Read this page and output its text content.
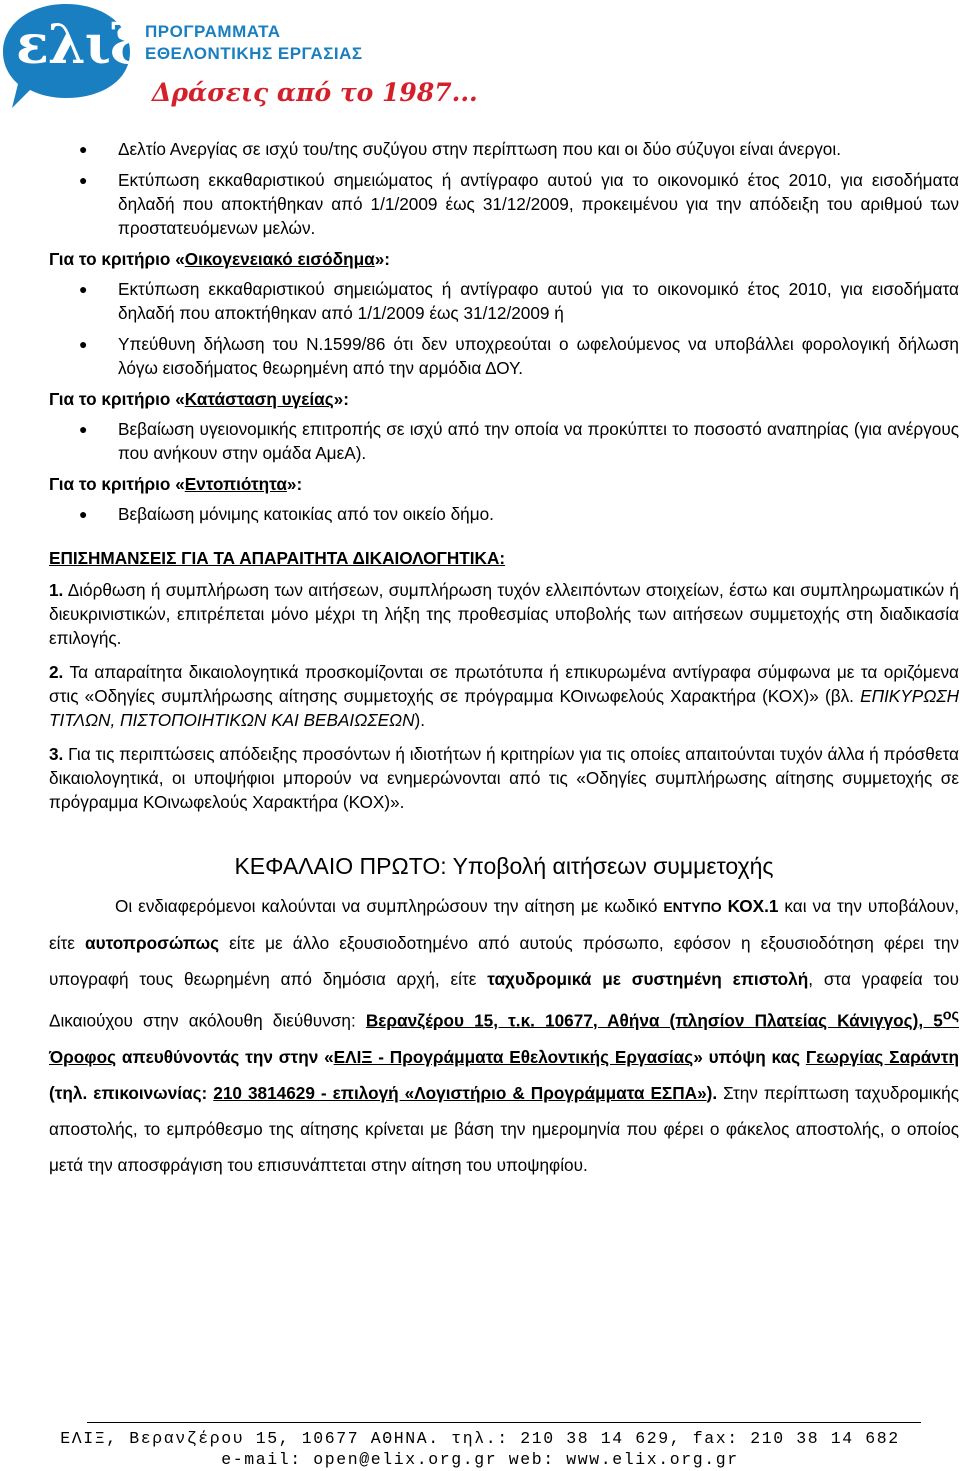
ελιξ ΠΡΟΓΡΑΜΜΑΤΑ
ΕΘΕΛΟΝΤΙΚΗΣ ΕΡΓΑΣΙΑΣ
Δράσεις από το 1987...
● Δελτίο Ανεργίας σε ισχύ του/της συζύγου στην περίπτωση που και οι δύο σύζυγοι είναι άνεργοι.
● Εκτύπωση εκκαθαριστικού σημειώματος ή αντίγραφο αυτού για το οικονομικό έτος 2010, για εισοδήματα δηλαδή που αποκτήθηκαν από 1/1/2009 έως 31/12/2009, προκειμένου για την απόδειξη του αριθμού των προστατευόμενων μελών.
Για το κριτήριο «Οικογενειακό εισόδημα»:
● Εκτύπωση εκκαθαριστικού σημειώματος ή αντίγραφο αυτού για το οικονομικό έτος 2010, για εισοδήματα δηλαδή που αποκτήθηκαν από 1/1/2009 έως 31/12/2009 ή
● Υπεύθυνη δήλωση του Ν.1599/86 ότι δεν υποχρεούται ο ωφελούμενος να υποβάλλει φορολογική δήλωση λόγω εισοδήματος θεωρημένη από την αρμόδια ΔΟΥ.
Για το κριτήριο «Κατάσταση υγείας»:
● Βεβαίωση υγειονομικής επιτροπής σε ισχύ από την οποία να προκύπτει το ποσοστό αναπηρίας (για ανέργους που ανήκουν στην ομάδα ΑμεΑ).
Για το κριτήριο «Εντοπιότητα»:
● Βεβαίωση μόνιμης κατοικίας από τον οικείο δήμο.
ΕΠΙΣΗΜΑΝΣΕΙΣ ΓΙΑ ΤΑ ΑΠΑΡΑΙΤΗΤΑ ΔΙΚΑΙΟΛΟΓΗΤΙΚΑ:
1. Διόρθωση ή συμπλήρωση των αιτήσεων, συμπλήρωση τυχόν ελλειπόντων στοιχείων, έστω και συμπληρωματικών ή διευκρινιστικών, επιτρέπεται μόνο μέχρι τη λήξη της προθεσμίας υποβολής των αιτήσεων συμμετοχής στη διαδικασία επιλογής.
2. Τα απαραίτητα δικαιολογητικά προσκομίζονται σε πρωτότυπα ή επικυρωμένα αντίγραφα σύμφωνα με τα οριζόμενα στις «Οδηγίες συμπλήρωσης αίτησης συμμετοχής σε πρόγραμμα ΚΟινωφελούς Χαρακτήρα (ΚΟΧ)» (βλ. ΕΠΙΚΥΡΩΣΗ ΤΙΤΛΩΝ, ΠΙΣΤΟΠΟΙΗΤΙΚΩΝ ΚΑΙ ΒΕΒΑΙΩΣΕΩΝ).
3. Για τις περιπτώσεις απόδειξης προσόντων ή ιδιοτήτων ή κριτηρίων για τις οποίες απαιτούνται τυχόν άλλα ή πρόσθετα δικαιολογητικά, οι υποψήφιοι μπορούν να ενημερώνονται από τις «Οδηγίες συμπλήρωσης αίτησης συμμετοχής σε πρόγραμμα ΚΟινωφελούς Χαρακτήρα (ΚΟΧ)».
ΚΕΦΑΛΑΙΟ ΠΡΩΤΟ: Υποβολή αιτήσεων συμμετοχής
Οι ενδιαφερόμενοι καλούνται να συμπληρώσουν την αίτηση με κωδικό ΕΝΤΥΠΟ ΚΟΧ.1 και να την υποβάλουν, είτε αυτοπροσώπως είτε με άλλο εξουσιοδοτημένο από αυτούς πρόσωπο, εφόσον η εξουσιοδότηση φέρει την υπογραφή τους θεωρημένη από δημόσια αρχή, είτε ταχυδρομικά με συστημένη επιστολή, στα γραφεία του Δικαιούχου στην ακόλουθη διεύθυνση: Βερανζέρου 15, τ.κ. 10677, Αθήνα (πλησίον Πλατείας Κάνιγγος), $5^{o\varsigma}$ Όροφος απευθύνοντάς την στην «ΕΛΙΞ - Προγράμματα Εθελοντικής Εργασίας» υπόψη κας Γεωργίας Σαράντη (τηλ. επικοινωνίας: 210 3814629 - επιλογή «Λογιστήριο & Προγράμματα ΕΣΠΑ»). Στην περίπτωση ταχυδρομικής αποστολής, το εμπρόθεσμο της αίτησης κρίνεται με βάση την ημερομηνία που φέρει ο φάκελος αποστολής, ο οποίος μετά την αποσφράγιση του επισυνάπτεται στην αίτηση του υποψηφίου.
ΕΛΙΞ, Βερανζέρου 15, 10677 ΑΘΗΝΑ. τηλ.: 210 38 14 629, fax: 210 38 14 682
e-mail: open@elix.org.gr web: www.elix.org.gr
